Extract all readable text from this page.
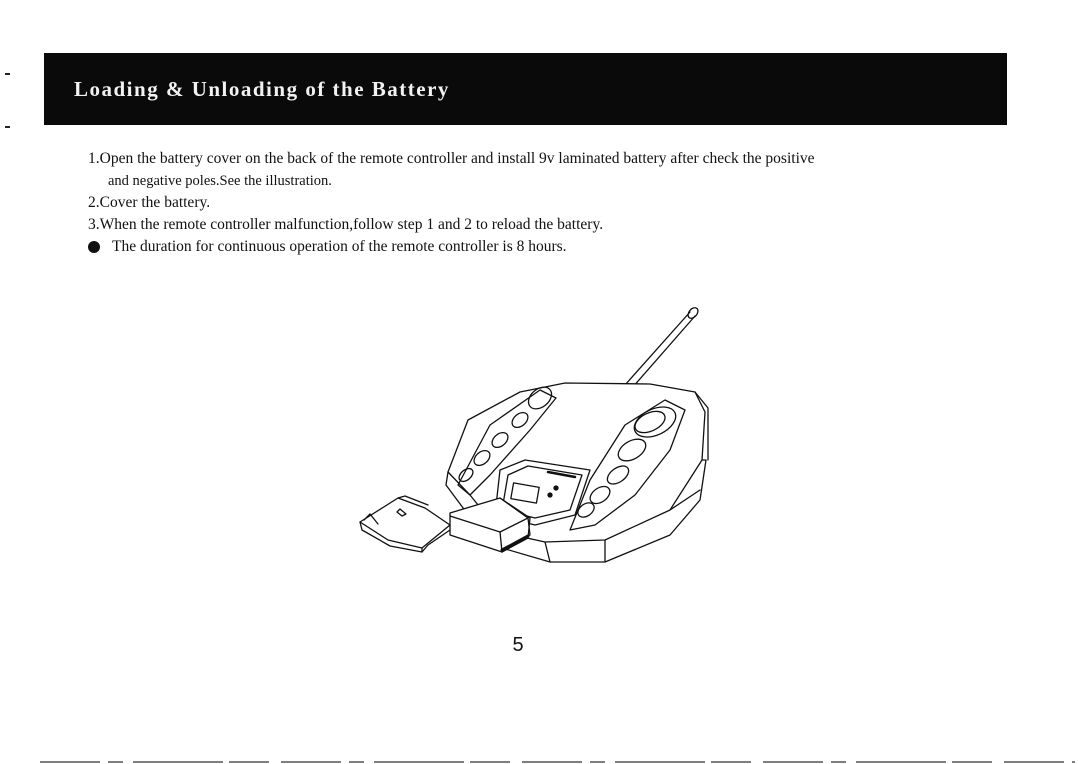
Loading & Unloading of the Battery

1.Open the battery cover on the back of the remote controller and install 9v laminated battery after check the positive

and negative poles.See the illustration.

2.Cover the battery.

3.When the remote controller malfunction,follow step 1 and 2 to reload the battery.

The duration for continuous operation of the remote controller is 8 hours.

5
